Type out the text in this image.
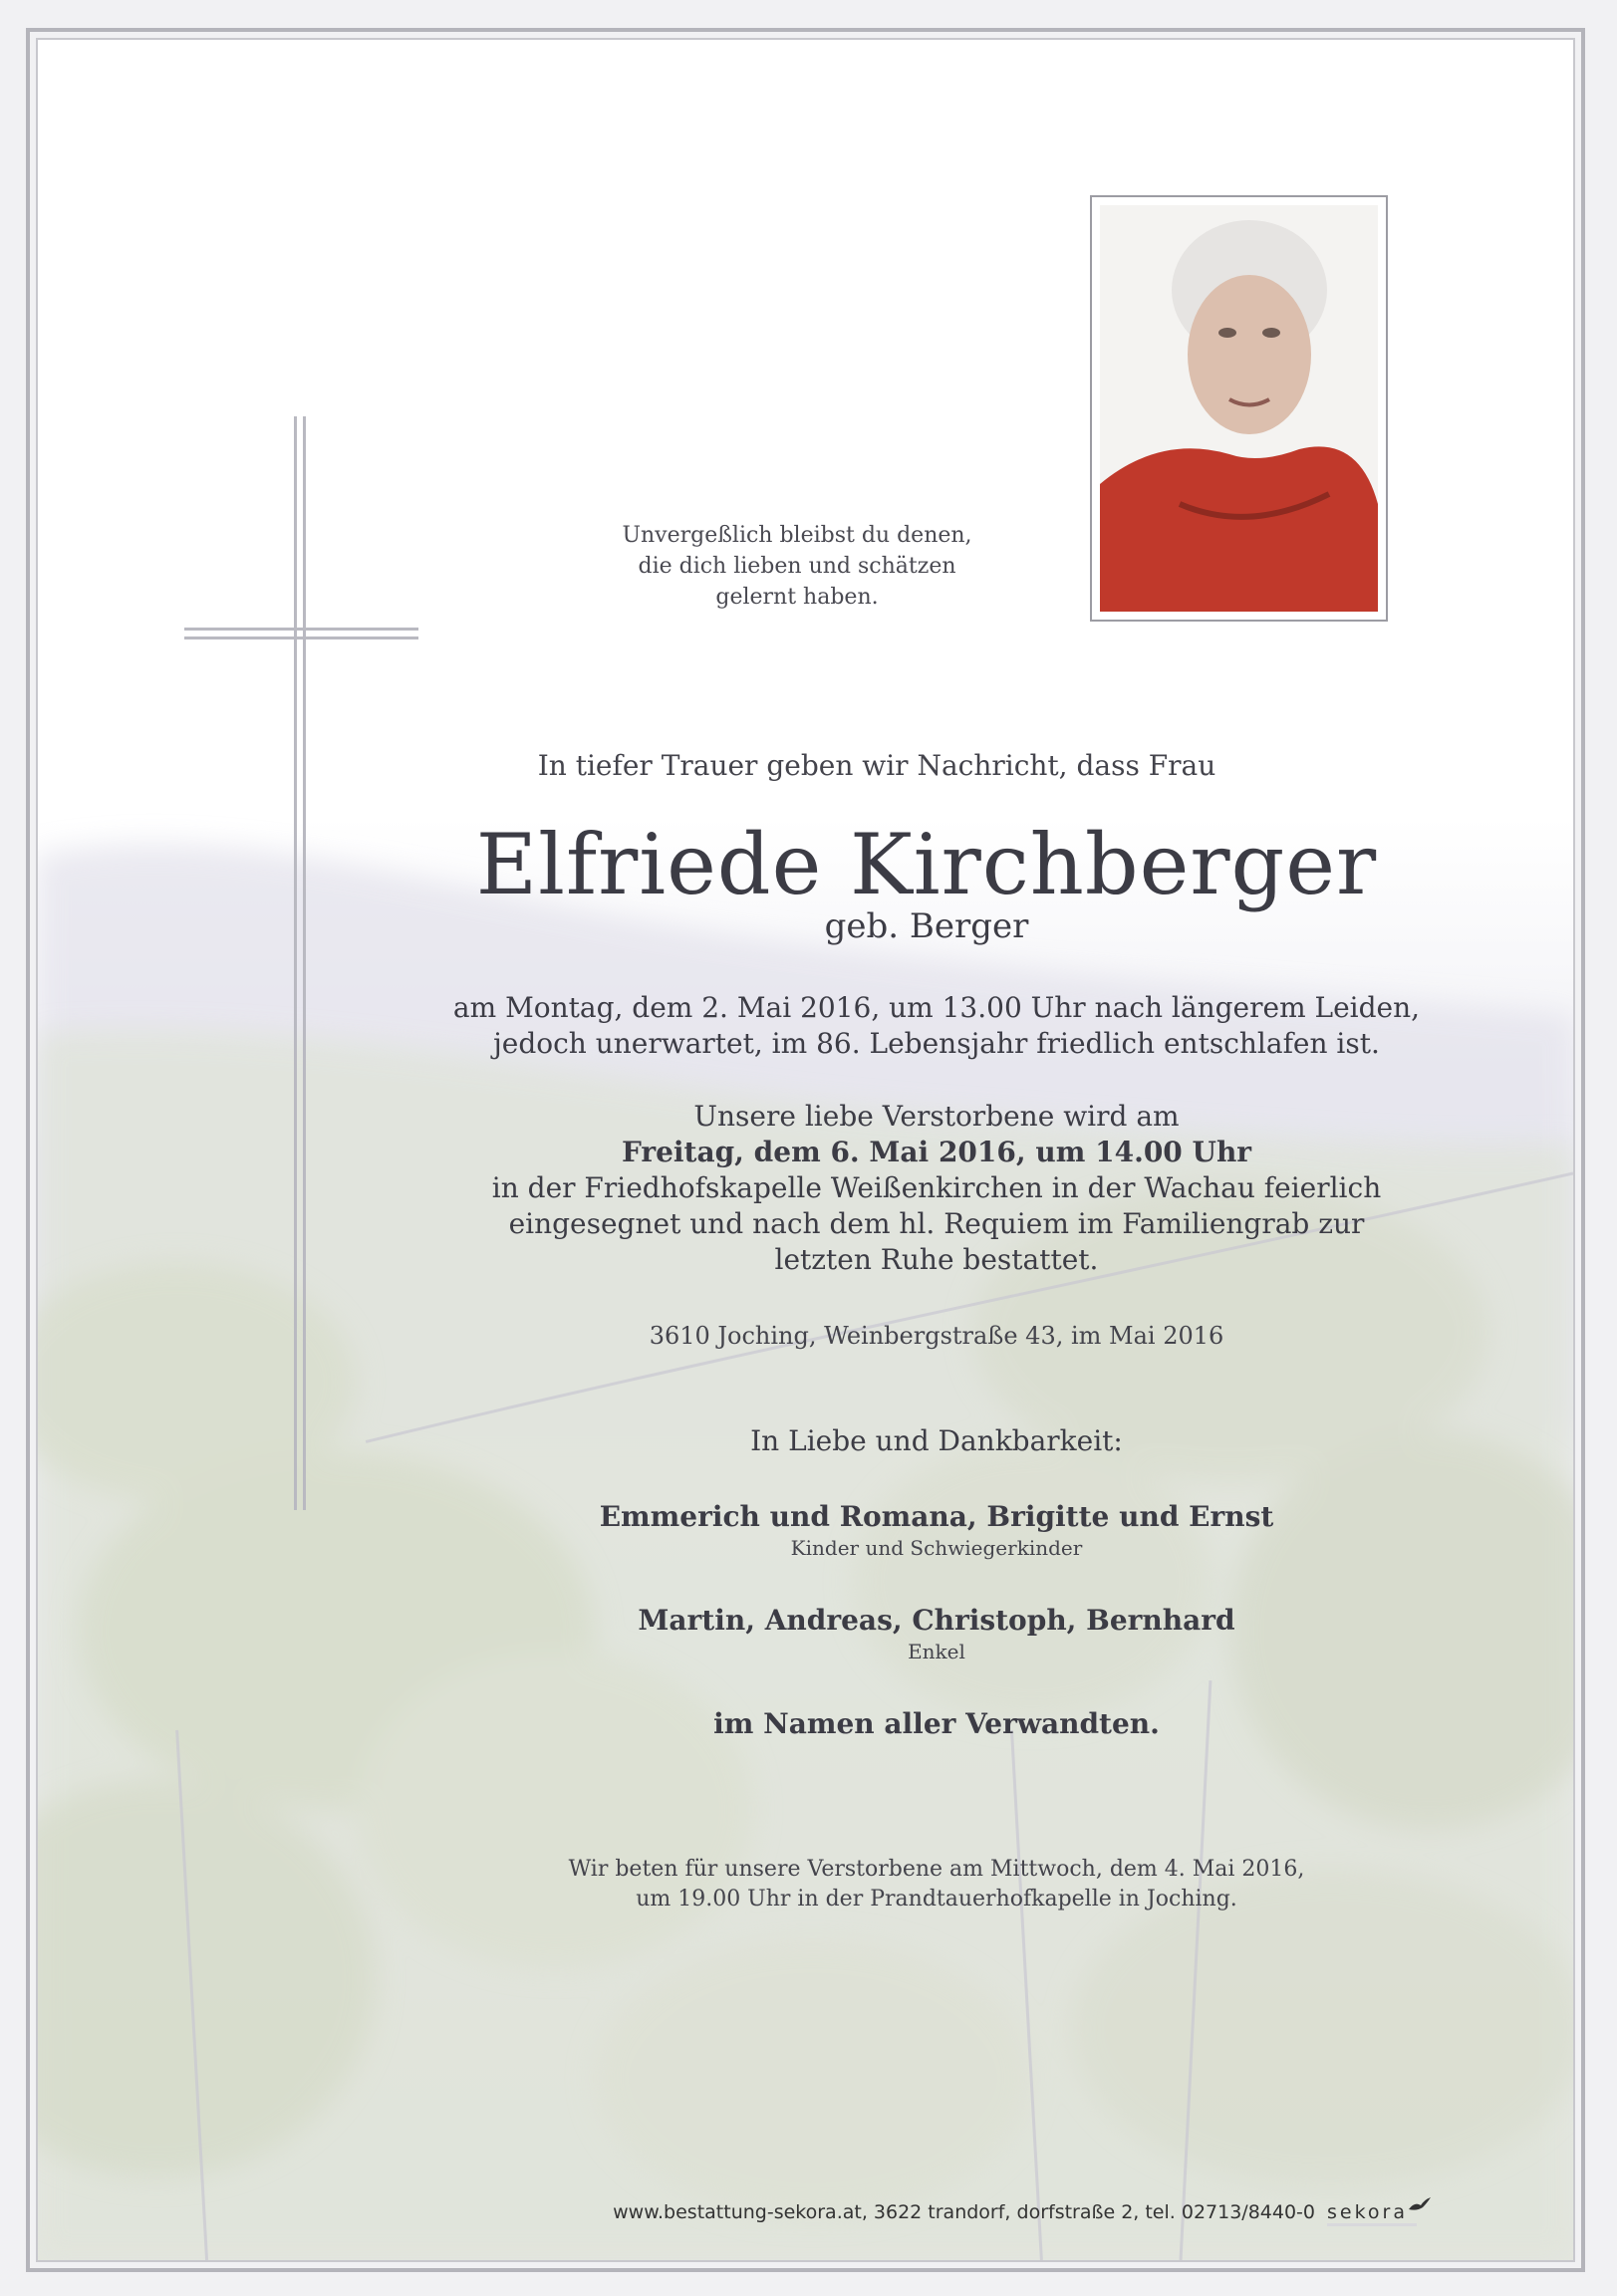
Unvergeßlich bleibst du denen,
die dich lieben und schätzen
gelernt haben.
In tiefer Trauer geben wir Nachricht, dass Frau
Elfriede Kirchberger
geb. Berger
am Montag, dem 2. Mai 2016, um 13.00 Uhr nach längerem Leiden,
jedoch unerwartet, im 86. Lebensjahr friedlich entschlafen ist.
Unsere liebe Verstorbene wird am
Freitag, dem 6. Mai 2016, um 14.00 Uhr
in der Friedhofskapelle Weißenkirchen in der Wachau feierlich
eingesegnet und nach dem hl. Requiem im Familiengrab zur
letzten Ruhe bestattet.
3610 Joching, Weinbergstraße 43, im Mai 2016
In Liebe und Dankbarkeit:
Emmerich und Romana, Brigitte und Ernst
Kinder und Schwiegerkinder
Martin, Andreas, Christoph, Bernhard
Enkel
im Namen aller Verwandten.
Wir beten für unsere Verstorbene am Mittwoch, dem 4. Mai 2016,
um 19.00 Uhr in der Prandtauerhofkapelle in Joching.
www.bestattung-sekora.at, 3622 trandorf, dorfstraße 2, tel. 02713/8440-0 sekora
